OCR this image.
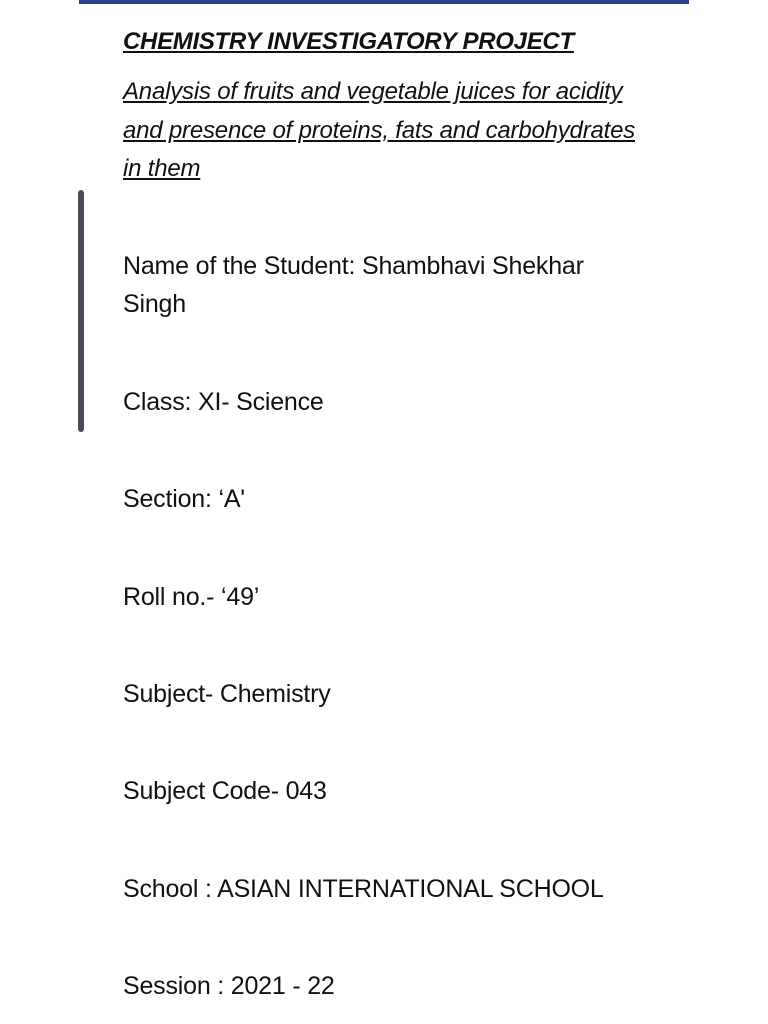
CHEMISTRY INVESTIGATORY PROJECT
Analysis of fruits and vegetable juices for acidity and presence of proteins, fats and carbohydrates in them
Name of the Student: Shambhavi Shekhar Singh
Class: XI- Science
Section: ‘A'
Roll no.- ‘49’
Subject- Chemistry
Subject Code- 043
School : ASIAN INTERNATIONAL SCHOOL
Session : 2021 - 22
